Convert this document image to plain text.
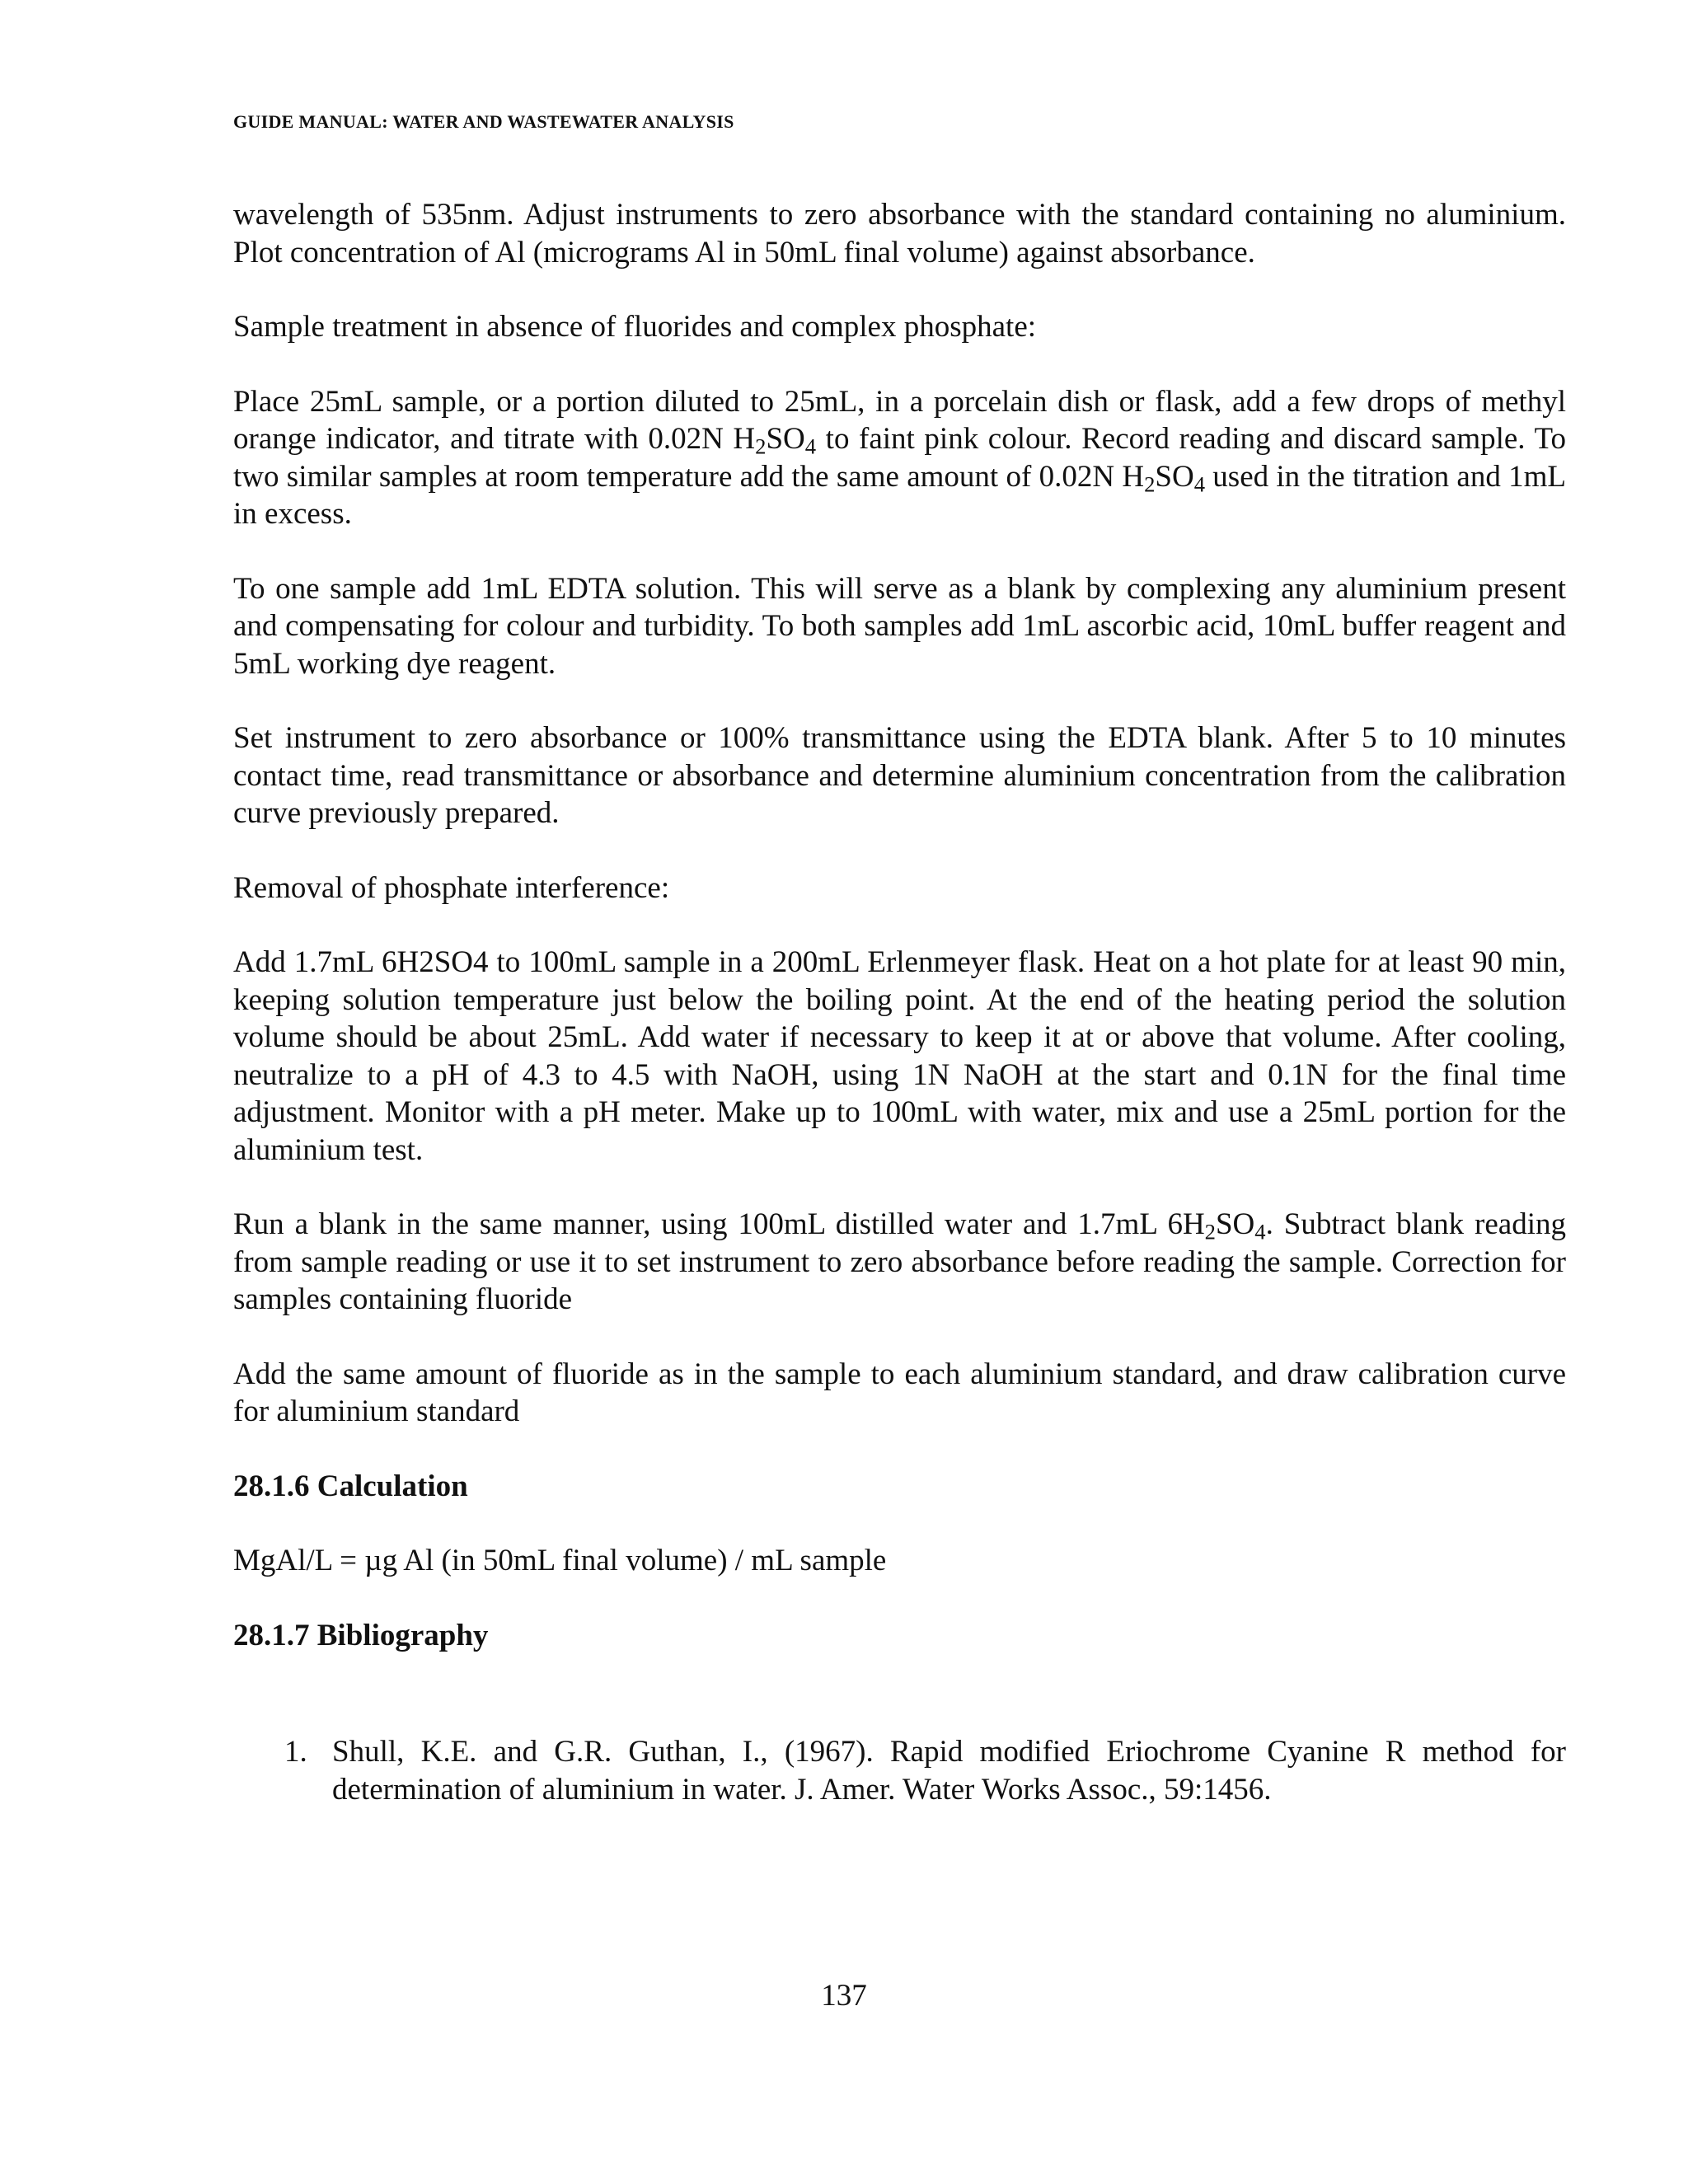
GUIDE MANUAL: WATER AND WASTEWATER ANALYSIS

wavelength of 535nm. Adjust instruments to zero absorbance with the standard containing no aluminium. Plot concentration of Al (micrograms Al in 50mL final volume) against absorbance.

Sample treatment in absence of fluorides and complex phosphate:

Place 25mL sample, or a portion diluted to 25mL, in a porcelain dish or flask, add a few drops of methyl orange indicator, and titrate with 0.02N $H_2SO_4$ to faint pink colour. Record reading and discard sample. To two similar samples at room temperature add the same amount of 0.02N $H_2SO_4$ used in the titration and 1mL in excess.

To one sample add 1mL EDTA solution. This will serve as a blank by complexing any aluminium present and compensating for colour and turbidity. To both samples add 1mL ascorbic acid, 10mL buffer reagent and 5mL working dye reagent.

Set instrument to zero absorbance or 100% transmittance using the EDTA blank. After 5 to 10 minutes contact time, read transmittance or absorbance and determine aluminium concentration from the calibration curve previously prepared.

Removal of phosphate interference:

Add 1.7mL 6H2SO4 to 100mL sample in a 200mL Erlenmeyer flask. Heat on a hot plate for at least 90 min, keeping solution temperature just below the boiling point. At the end of the heating period the solution volume should be about 25mL. Add water if necessary to keep it at or above that volume. After cooling, neutralize to a pH of 4.3 to 4.5 with NaOH, using 1N NaOH at the start and 0.1N for the final time adjustment. Monitor with a pH meter. Make up to 100mL with water, mix and use a 25mL portion for the aluminium test.

Run a blank in the same manner, using 100mL distilled water and 1.7mL $6H_2SO_4$. Subtract blank reading from sample reading or use it to set instrument to zero absorbance before reading the sample. Correction for samples containing fluoride

Add the same amount of fluoride as in the sample to each aluminium standard, and draw calibration curve for aluminium standard

28.1.6 Calculation

MgAl/L = µg Al (in 50mL final volume) / mL sample

28.1.7 Bibliography

1. Shull, K.E. and G.R. Guthan, I., (1967). Rapid modified Eriochrome Cyanine R method for determination of aluminium in water. J. Amer. Water Works Assoc., 59:1456.

137
